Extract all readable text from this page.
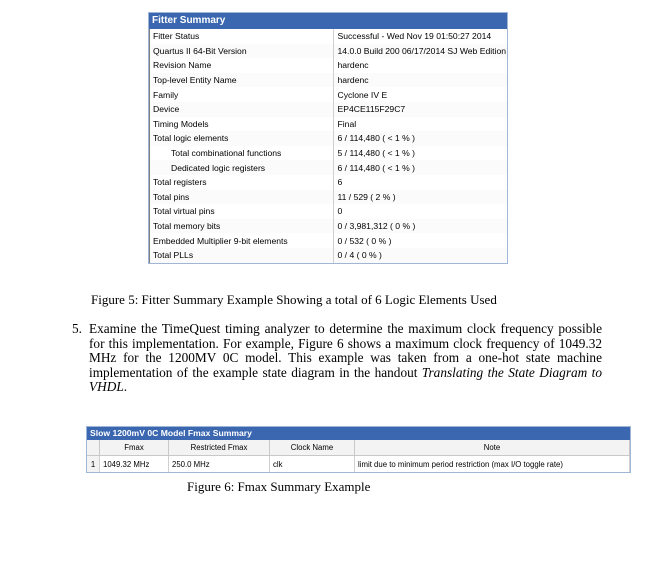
Fitter Summary
Fitter Status	Successful - Wed Nov 19 01:50:27 2014
Quartus II 64-Bit Version	14.0.0 Build 200 06/17/2014 SJ Web Edition
Revision Name	hardenc
Top-level Entity Name	hardenc
Family	Cyclone IV E
Device	EP4CE115F29C7
Timing Models	Final
Total logic elements	6 / 114,480 ( < 1 % )
Total combinational functions	5 / 114,480 ( < 1 % )
Dedicated logic registers	6 / 114,480 ( < 1 % )
Total registers	6
Total pins	11 / 529 ( 2 % )
Total virtual pins	0
Total memory bits	0 / 3,981,312 ( 0 % )
Embedded Multiplier 9-bit elements	0 / 532 ( 0 % )
Total PLLs	0 / 4 ( 0 % )
Figure 5: Fitter Summary Example Showing a total of 6 Logic Elements Used
5. Examine the TimeQuest timing analyzer to determine the maximum clock frequency possible for this implementation. For example, Figure 6 shows a maximum clock frequency of 1049.32 MHz for the 1200MV 0C model. This example was taken from a one-hot state machine implementation of the example state diagram in the handout Translating the State Diagram to VHDL.
Slow 1200mV 0C Model Fmax Summary
	Fmax	Restricted Fmax	Clock Name	Note
1	1049.32 MHz	250.0 MHz	clk	limit due to minimum period restriction (max I/O toggle rate)
Figure 6: Fmax Summary Example
